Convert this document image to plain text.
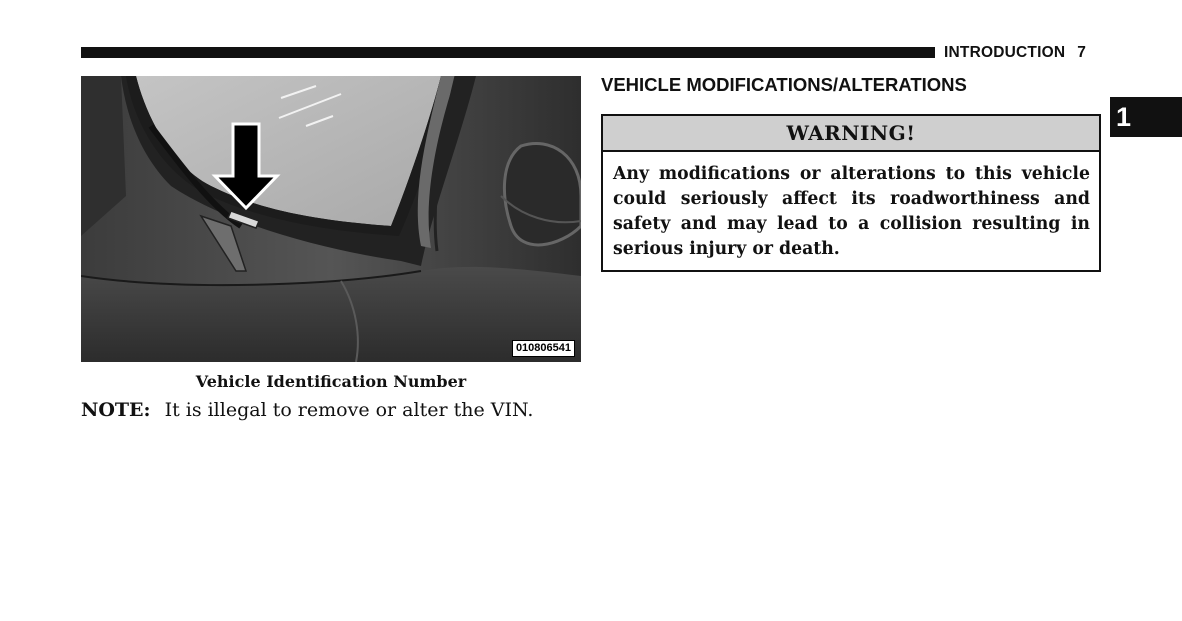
INTRODUCTION 7
1
010806541
Vehicle Identification Number
NOTE: It is illegal to remove or alter the VIN.
VEHICLE MODIFICATIONS/ALTERATIONS
WARNING!
Any modifications or alterations to this vehicle could seriously affect its roadworthiness and safety and may lead to a collision resulting in serious injury or death.
